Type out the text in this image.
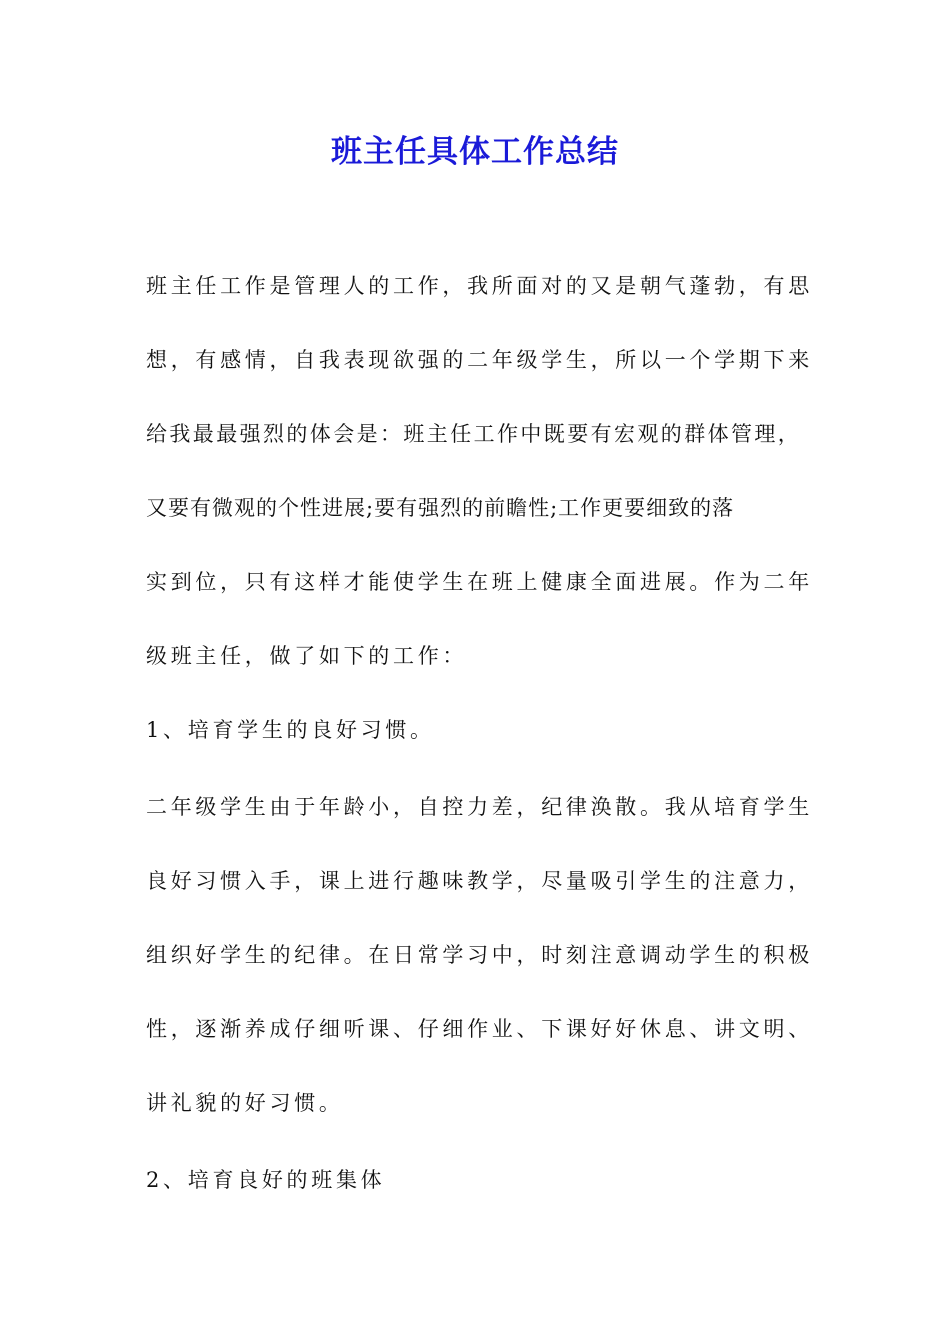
班主任具体工作总结
班主任工作是管理人的工作，我所面对的又是朝气蓬勃，有思
想，有感情，自我表现欲强的二年级学生，所以一个学期下来
给我最最强烈的体会是：班主任工作中既要有宏观的群体管理，
又要有微观的个性进展;要有强烈的前瞻性;工作更要细致的落
实到位，只有这样才能使学生在班上健康全面进展。作为二年
级班主任，做了如下的工作：
1、培育学生的良好习惯。
二年级学生由于年龄小，自控力差，纪律涣散。我从培育学生
良好习惯入手，课上进行趣味教学，尽量吸引学生的注意力，
组织好学生的纪律。在日常学习中，时刻注意调动学生的积极
性，逐渐养成仔细听课、仔细作业、下课好好休息、讲文明、
讲礼貌的好习惯。
2、培育良好的班集体
